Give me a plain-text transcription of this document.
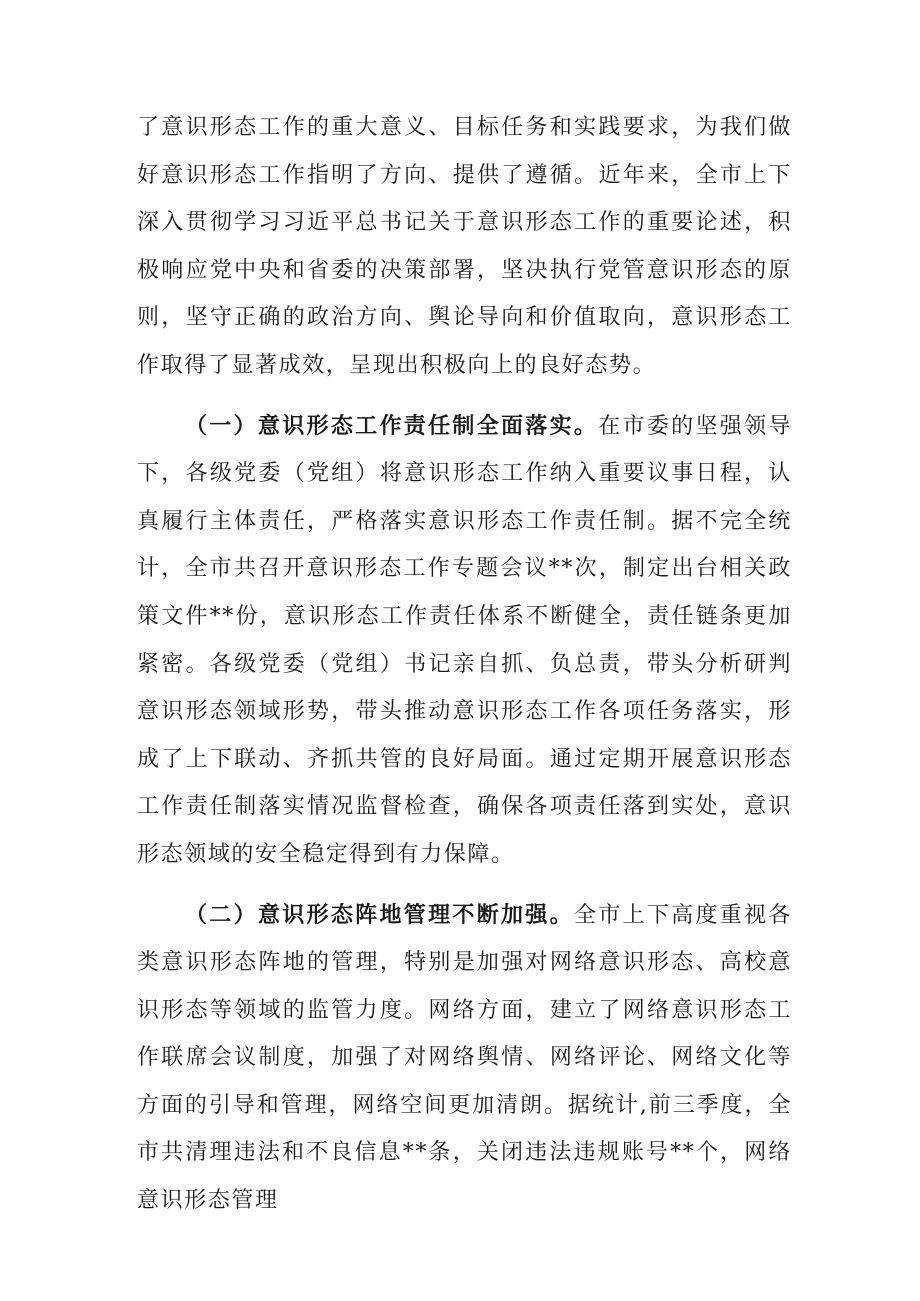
了意识形态工作的重大意义、目标任务和实践要求，为我们做好意识形态工作指明了方向、提供了遵循。近年来，全市上下深入贯彻学习习近平总书记关于意识形态工作的重要论述，积极响应党中央和省委的决策部署，坚决执行党管意识形态的原则，坚守正确的政治方向、舆论导向和价值取向，意识形态工作取得了显著成效，呈现出积极向上的良好态势。

（一）意识形态工作责任制全面落实。在市委的坚强领导下，各级党委（党组）将意识形态工作纳入重要议事日程，认真履行主体责任，严格落实意识形态工作责任制。据不完全统计，全市共召开意识形态工作专题会议**次，制定出台相关政策文件**份，意识形态工作责任体系不断健全，责任链条更加紧密。各级党委（党组）书记亲自抓、负总责，带头分析研判意识形态领域形势，带头推动意识形态工作各项任务落实，形成了上下联动、齐抓共管的良好局面。通过定期开展意识形态工作责任制落实情况监督检查，确保各项责任落到实处，意识形态领域的安全稳定得到有力保障。

（二）意识形态阵地管理不断加强。全市上下高度重视各类意识形态阵地的管理，特别是加强对网络意识形态、高校意识形态等领域的监管力度。网络方面，建立了网络意识形态工作联席会议制度，加强了对网络舆情、网络评论、网络文化等方面的引导和管理，网络空间更加清朗。据统计,前三季度，全市共清理违法和不良信息**条，关闭违法违规账号**个，网络意识形态管理
